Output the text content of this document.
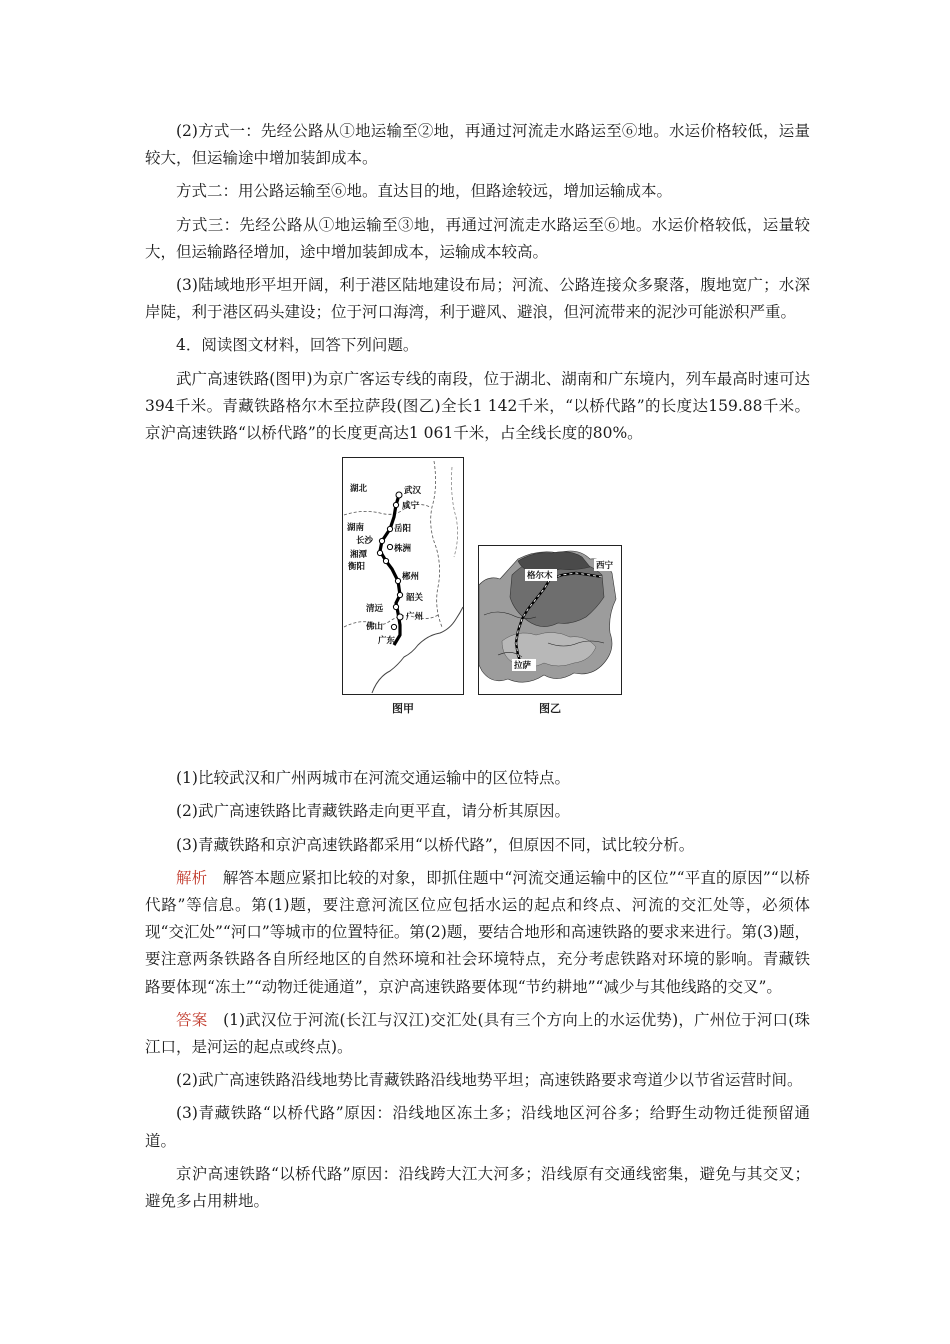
(2)方式一：先经公路从①地运输至②地，再通过河流走水路运至⑥地。水运价格较低，运量较大，但运输途中增加装卸成本。

方式二：用公路运输至⑥地。直达目的地，但路途较远，增加运输成本。

方式三：先经公路从①地运输至③地，再通过河流走水路运至⑥地。水运价格较低，运量较大，但运输路径增加，途中增加装卸成本，运输成本较高。

(3)陆域地形平坦开阔，利于港区陆地建设布局；河流、公路连接众多聚落，腹地宽广；水深岸陡，利于港区码头建设；位于河口海湾，利于避风、避浪，但河流带来的泥沙可能淤积严重。

4．阅读图文材料，回答下列问题。

武广高速铁路(图甲)为京广客运专线的南段，位于湖北、湖南和广东境内，列车最高时速可达394千米。青藏铁路格尔木至拉萨段(图乙)全长1 142千米，“以桥代路”的长度达159.88千米。京沪高速铁路“以桥代路”的长度更高达1 061千米，占全线长度的80%。

湖北	武汉
咸宁
湖南	岳阳
长沙
株洲
湘潭
衡阳
郴州
韶关
清远
广州
佛山
广东
图甲
格尔木
西宁
拉萨
图乙

(1)比较武汉和广州两城市在河流交通运输中的区位特点。

(2)武广高速铁路比青藏铁路走向更平直，请分析其原因。

(3)青藏铁路和京沪高速铁路都采用“以桥代路”，但原因不同，试比较分析。

解析　 解答本题应紧扣比较的对象，即抓住题中“河流交通运输中的区位”“平直的原因”“以桥代路”等信息。第(1)题，要注意河流区位应包括水运的起点和终点、河流的交汇处等，必须体现“交汇处”“河口”等城市的位置特征。第(2)题，要结合地形和高速铁路的要求来进行。第(3)题，要注意两条铁路各自所经地区的自然环境和社会环境特点，充分考虑铁路对环境的影响。青藏铁路要体现“冻土”“动物迁徙通道”，京沪高速铁路要体现“节约耕地”“减少与其他线路的交叉”。

答案　 (1)武汉位于河流(长江与汉江)交汇处(具有三个方向上的水运优势)，广州位于河口(珠江口，是河运的起点或终点)。

(2)武广高速铁路沿线地势比青藏铁路沿线地势平坦；高速铁路要求弯道少以节省运营时间。

(3)青藏铁路“以桥代路”原因：沿线地区冻土多；沿线地区河谷多；给野生动物迁徙预留通道。

京沪高速铁路“以桥代路”原因：沿线跨大江大河多；沿线原有交通线密集，避免与其交叉；避免多占用耕地。
